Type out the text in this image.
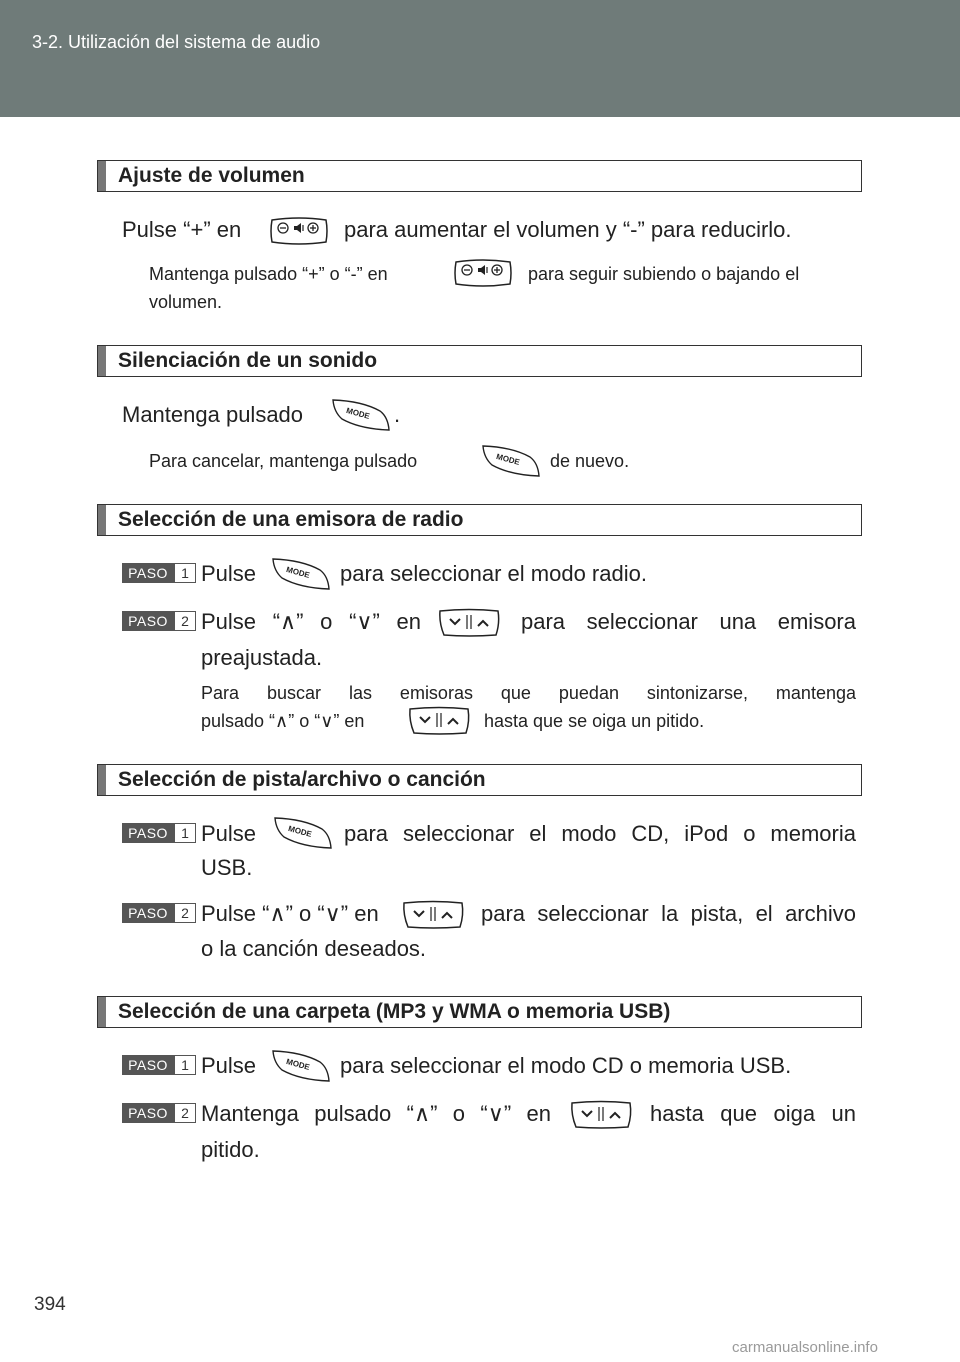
3-2. Utilización del sistema de audio
Ajuste de volumen
Pulse “+” en	para aumentar el volumen y “-” para reducirlo.
Mantenga pulsado “+” o “-” en	para seguir subiendo o bajando el
volumen.
Silenciación de un sonido
Mantenga pulsado	MODE .
Para cancelar, mantenga pulsado	MODE de nuevo.
Selección de una emisora de radio
PASO 1 Pulse	MODE para seleccionar el modo radio.
PASO 2 Pulse “∧” o “∨” en	para seleccionar una emisora
preajustada.
Para buscar las emisoras que puedan sintonizarse, mantenga
pulsado “∧” o “∨” en	hasta que se oiga un pitido.
Selección de pista/archivo o canción
PASO 1 Pulse	MODE para seleccionar el modo CD, iPod o memoria
USB.
PASO 2 Pulse “∧” o “∨” en	para seleccionar la pista, el archivo
o la canción deseados.
Selección de una carpeta (MP3 y WMA o memoria USB)
PASO 1 Pulse	MODE para seleccionar el modo CD o memoria USB.
PASO 2 Mantenga pulsado “∧” o “∨” en	hasta que oiga un
pitido.
394
carmanualsonline.info
